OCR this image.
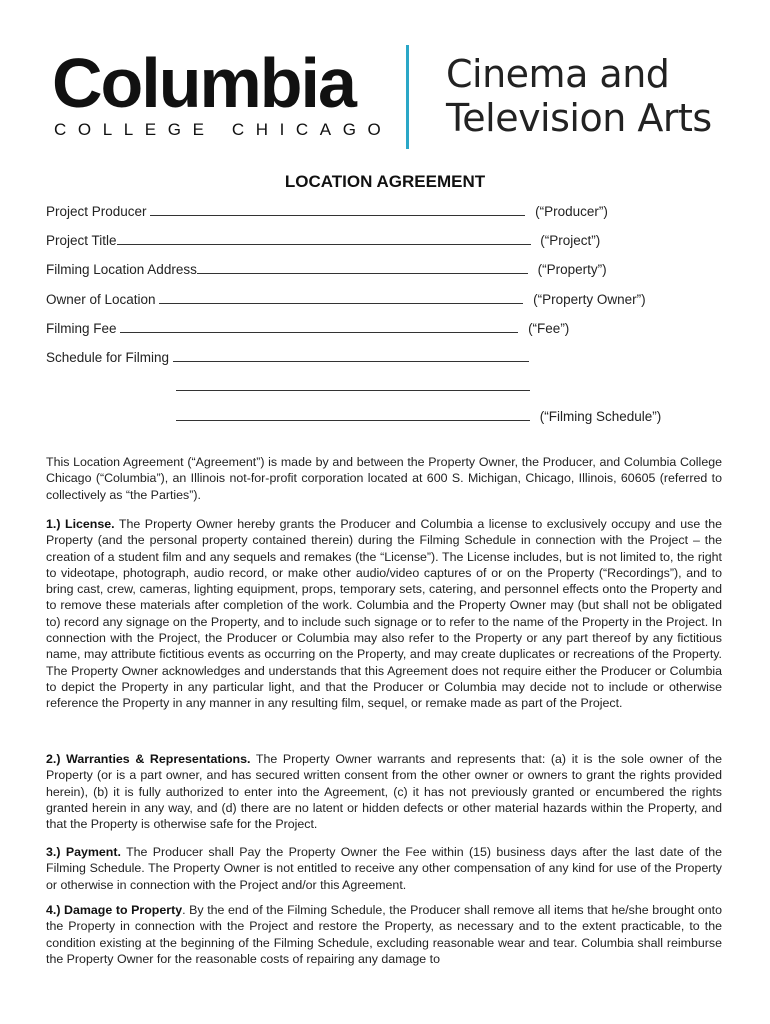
Columbia
COLLEGE CHICAGO
Cinema and
Television Arts
LOCATION AGREEMENT
Project Producer	(“Producer”)
Project Title	(“Project”)
Filming Location Address	(“Property”)
Owner of Location	(“Property Owner”)
Filming Fee	(“Fee”)
Schedule for Filming
(“Filming Schedule”)

This Location Agreement (“Agreement”) is made by and between the Property Owner, the Producer, and Columbia College Chicago (“Columbia”), an Illinois not-for-profit corporation located at 600 S. Michigan, Chicago, Illinois, 60605 (referred to collectively as “the Parties”).

1.) License. The Property Owner hereby grants the Producer and Columbia a license to exclusively occupy and use the Property (and the personal property contained therein) during the Filming Schedule in connection with the Project – the creation of a student film and any sequels and remakes (the “License”). The License includes, but is not limited to, the right to videotape, photograph, audio record, or make other audio/video captures of or on the Property (“Recordings”), and to bring cast, crew, cameras, lighting equipment, props, temporary sets, catering, and personnel effects onto the Property and to remove these materials after completion of the work. Columbia and the Property Owner may (but shall not be obligated to) record any signage on the Property, and to include such signage or to refer to the name of the Property in the Project. In connection with the Project, the Producer or Columbia may also refer to the Property or any part thereof by any fictitious name, may attribute fictitious events as occurring on the Property, and may create duplicates or recreations of the Property. The Property Owner acknowledges and understands that this Agreement does not require either the Producer or Columbia to depict the Property in any particular light, and that the Producer or Columbia may decide not to include or otherwise reference the Property in any manner in any resulting film, sequel, or remake made as part of the Project.

2.) Warranties & Representations. The Property Owner warrants and represents that: (a) it is the sole owner of the Property (or is a part owner, and has secured written consent from the other owner or owners to grant the rights provided herein), (b) it is fully authorized to enter into the Agreement, (c) it has not previously granted or encumbered the rights granted herein in any way, and (d) there are no latent or hidden defects or other material hazards within the Property, and that the Property is otherwise safe for the Project.

3.) Payment. The Producer shall Pay the Property Owner the Fee within (15) business days after the last date of the Filming Schedule. The Property Owner is not entitled to receive any other compensation of any kind for use of the Property or otherwise in connection with the Project and/or this Agreement.

4.) Damage to Property. By the end of the Filming Schedule, the Producer shall remove all items that he/she brought onto the Property in connection with the Project and restore the Property, as necessary and to the extent practicable, to the condition existing at the beginning of the Filming Schedule, excluding reasonable wear and tear. Columbia shall reimburse the Property Owner for the reasonable costs of repairing any damage to
